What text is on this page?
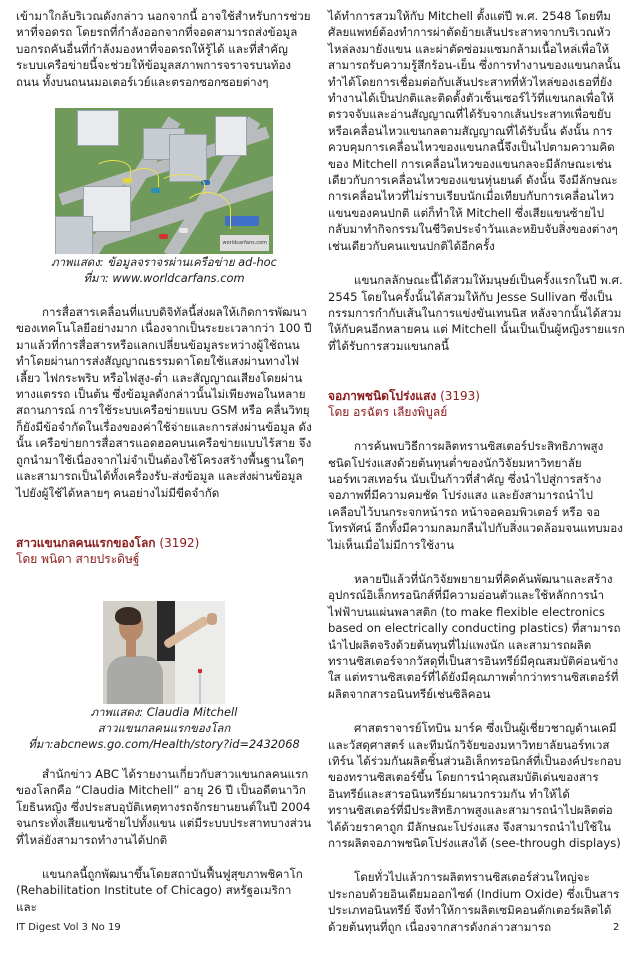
เข้ามาใกล้บริเวณดังกล่าว นอกจากนี้ อาจใช้สำหรับการช่วยหาที่จอดรถ โดยรถที่กำลังออกจากที่จอดสามารถส่งข้อมูลบอกรถคันอื่นที่กำลังมองหาที่จอดรถให้รู้ได้ และที่สำคัญ ระบบเครือข่ายนี้จะช่วยให้ข้อมูลสภาพการจราจรบนท้องถนน ทั้งบนถนนมอเตอร์เวย์และตรอกซอกซอยต่างๆ

worldcarfans.com

ภาพแสดง: ข้อมูลจราจรผ่านเครือข่าย ad-hoc

ที่มา: www.worldcarfans.com

การสื่อสารเคลื่อนที่แบบดิจิทัลนี้ส่งผลให้เกิดการพัฒนาของเทคโนโลยีอย่างมาก เนื่องจากเป็นระยะเวลากว่า 100 ปีมาแล้วที่การสื่อสารหรือแลกเปลี่ยนข้อมูลระหว่างผู้ใช้ถนน ทำโดยผ่านการส่งสัญญาณธรรมดาโดยใช้แสงผ่านทางไฟเลี้ยว ไฟกระพริบ หรือไฟสูง-ต่ำ และสัญญาณเสียงโดยผ่านทางแตรรถ เป็นต้น ซึ่งข้อมูลดังกล่าวนั้นไม่เพียงพอในหลายสถานการณ์ การใช้ระบบเครือข่ายแบบ GSM หรือ คลื่นวิทยุ ก็ยังมีข้อจำกัดในเรื่องของค่าใช้จ่ายและการส่งผ่านข้อมูล ดังนั้น เครือข่ายการสื่อสารแอดฮอคบนเครือข่ายแบบไร้สาย จึงถูกนำมาใช้เนื่องจากไม่จำเป็นต้องใช้โครงสร้างพื้นฐานใดๆ และสามารถเป็นได้ทั้งเครื่องรับ-ส่งข้อมูล และส่งผ่านข้อมูลไปยังผู้ใช้ได้หลายๆ คนอย่างไม่มีขีดจำกัด

สาวแขนกลคนแรกของโลก (3192)

โดย พนิดา สายประดิษฐ์

ภาพแสดง: Claudia Mitchell

สาวแขนกลคนแรกของโลก

ที่มา:abcnews.go.com/Health/story?id=2432068

สำนักข่าว ABC ได้รายงานเกี่ยวกับสาวแขนกลคนแรกของโลกคือ “Claudia Mitchell” อายุ 26 ปี เป็นอดีตนาวิกโยธินหญิง ซึ่งประสบอุบัติเหตุทางรถจักรยานยนต์ในปี 2004 จนกระทั่งเสียแขนซ้ายไปทั้งแขน แต่มีระบบประสาทบางส่วนที่ไหล่ยังสามารถทำงานได้ปกติ

แขนกลนี้ถูกพัฒนาขึ้นโดยสถาบันฟื้นฟูสุขภาพชิคาโก (Rehabilitation Institute of Chicago) สหรัฐอเมริกาและ

ได้ทำการสวมให้กับ Mitchell ตั้งแต่ปี พ.ศ. 2548 โดยทีมศัลยแพทย์ต้องทำการผ่าตัดย้ายเส้นประสาทจากบริเวณหัวไหล่ลงมายังแขน และผ่าตัดซ่อมแซมกล้ามเนื้อไหล่เพื่อให้สามารถรับความรู้สึกร้อน-เย็น ซึ่งการทำงานของแขนกลนั้นทำได้โดยการเชื่อมต่อกับเส้นประสาทที่หัวไหล่ของเธอที่ยังทำงานได้เป็นปกติและติดตั้งตัวเซ็นเซอร์ไว้ที่แขนกลเพื่อให้ตรวจจับและอ่านสัญญาณที่ได้รับจากเส้นประสาทเพื่อขยับหรือเคลื่อนไหวแขนกลตามสัญญาณที่ได้รับนั้น ดังนั้น การควบคุมการเคลื่อนไหวของแขนกลนี้จึงเป็นไปตามความคิดของ Mitchell การเคลื่อนไหวของแขนกลจะมีลักษณะเช่นเดียวกับการเคลื่อนไหวของแขนหุ่นยนต์ ดังนั้น จึงมีลักษณะการเคลื่อนไหวที่ไม่ราบเรียบนักเมื่อเทียบกับการเคลื่อนไหวแขนของคนปกติ แต่ก็ทำให้ Mitchell ซึ่งเสียแขนซ้ายไป กลับมาทำกิจกรรมในชีวิตประจำวันและหยิบจับสิ่งของต่างๆ เช่นเดียวกับคนแขนปกติได้อีกครั้ง

แขนกลลักษณะนี้ได้สวมให้มนุษย์เป็นครั้งแรกในปี พ.ศ. 2545 โดยในครั้งนั้นได้สวมให้กับ Jesse Sullivan ซึ่งเป็นกรรมการกำกับเส้นในการแข่งขันเทนนิส หลังจากนั้นได้สวมให้กับคนอีกหลายคน แต่ Mitchell นั้นเป็นเป็นผู้หญิงรายแรกที่ได้รับการสวมแขนกลนี้

จอภาพชนิดโปร่งแสง (3193)

โดย อรฉัตร เลียงพิบูลย์

การค้นพบวิธีการผลิตทรานซิสเตอร์ประสิทธิภาพสูงชนิดโปร่งแสงด้วยต้นทุนต่ำของนักวิจัยมหาวิทยาลัยนอร์ทเวสเทอร์น นับเป็นก้าวที่สำคัญ ซึ่งนำไปสู่การสร้างจอภาพที่มีความคมชัด โปร่งแสง และยังสามารถนำไปเคลือบไว้บนกระจกหน้ารถ หน้าจอคอมพิวเตอร์ หรือ จอโทรทัศน์ อีกทั้งมีความกลมกลืนไปกับสิ่งแวดล้อมจนแทบมองไม่เห็นเมื่อไม่มีการใช้งาน

หลายปีแล้วที่นักวิจัยพยายามที่คิดค้นพัฒนาและสร้างอุปกรณ์อิเล็กทรอนิกส์ที่มีความอ่อนตัวและใช้หลักการนำไฟฟ้าบนแผ่นพลาสติก (to make flexible electronics based on electrically conducting plastics) ที่สามารถนำไปผลิตจริงด้วยต้นทุนที่ไม่แพงนัก และสามารถผลิตทรานซิสเตอร์จากวัสดุที่เป็นสารอินทรีย์มีคุณสมบัติค่อนข้างใส แต่ทรานซิสเตอร์ที่ได้ยังมีคุณภาพต่ำกว่าทรานซิสเตอร์ที่ผลิตจากสารอนินทรีย์เช่นซิลิคอน

ศาสตราจารย์โทบิน มาร์ค ซึ่งเป็นผู้เชี่ยวชาญด้านเคมีและวัสดุศาสตร์ และทีมนักวิจัยของมหาวิทยาลัยนอร์ทเวสเทิร์น ได้ร่วมกันผลิตชิ้นส่วนอิเล็กทรอนิกส์ที่เป็นองค์ประกอบของทรานซิสเตอร์ขึ้น โดยการนำคุณสมบัติเด่นของสารอินทรีย์และสารอนินทรีย์มาผนวกรวมกัน ทำให้ได้ทรานซิสเตอร์ที่มีประสิทธิภาพสูงและสามารถนำไปผลิตต่อได้ด้วยราคาถูก มีลักษณะโปร่งแสง จึงสามารถนำไปใช้ในการผลิตจอภาพชนิดโปร่งแสงได้ (see-through displays)

โดยทั่วไปแล้วการผลิตทรานซิสเตอร์ส่วนใหญ่จะประกอบด้วยอินเดียมออกไซด์ (Indium Oxide) ซึ่งเป็นสารประเภทอนินทรีย์ จึงทำให้การผลิตเซมิคอนดักเตอร์ผลิตได้ด้วยต้นทุนที่ถูก เนื่องจากสารดังกล่าวสามารถ

IT Digest Vol 3 No 19	2
